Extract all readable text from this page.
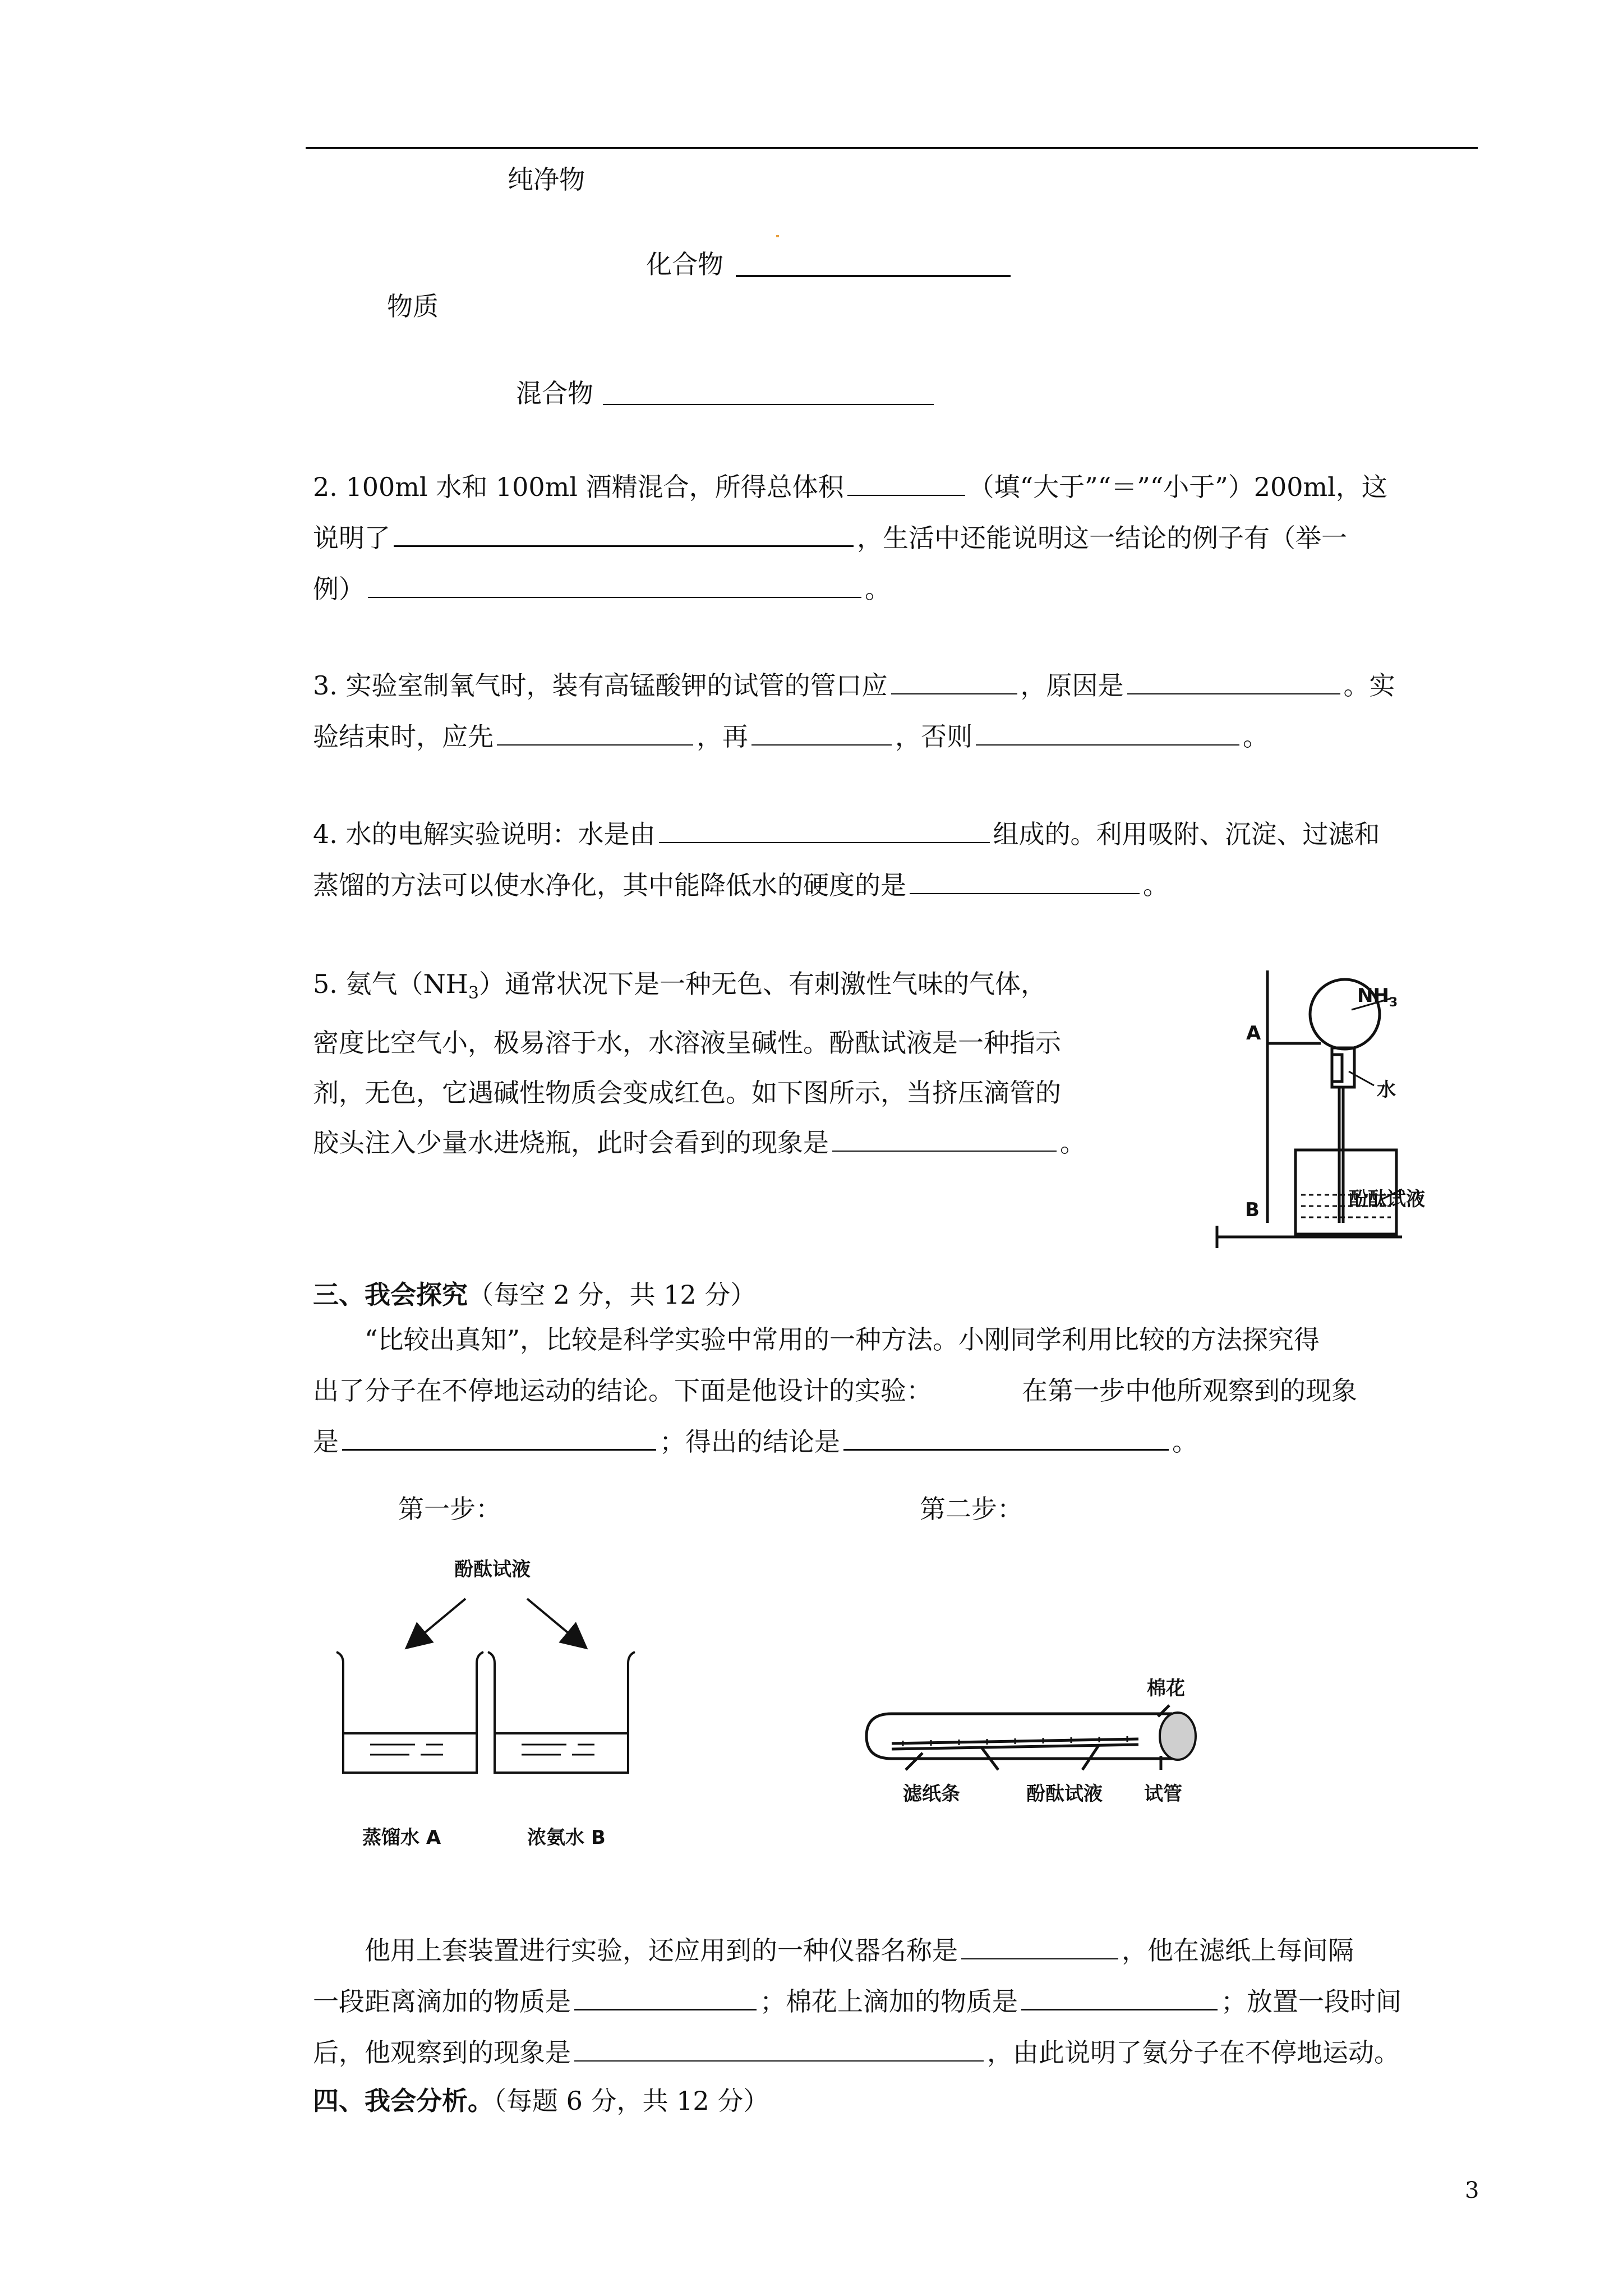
纯净物
化合物
物质
混合物
2. 100ml 水和 100ml 酒精混合，所得总体积	（填“大于”“＝”“小于”）200ml，这
说明了	，生活中还能说明这一结论的例子有（举一
例）	。
3. 实验室制氧气时，装有高锰酸钾的试管的管口应	，原因是	。实
验结束时，应先	，再	，否则	。
4. 水的电解实验说明：水是由	组成的。利用吸附、沉淀、过滤和
蒸馏的方法可以使水净化，其中能降低水的硬度的是	。
5. 氨气$(NH_3)$通常状况下是一种无色、有刺激性气味的气体，
密度比空气小，极易溶于水，水溶液呈碱性。酚酞试液是一种指示
剂，无色，它遇碱性物质会变成红色。如下图所示，当挤压滴管的
胶头注入少量水进烧瓶，此时会看到的现象是	。
$NH_3$
A
水
酚酞试液
B
三、我会探究（每空 2 分，共 12 分）
“比较出真知”，比较是科学实验中常用的一种方法。小刚同学利用比较的方法探究得
出了分子在不停地运动的结论。下面是他设计的实验：	在第一步中他所观察到的现象
是	；得出的结论是	。
第一步：	第二步：
酚酞试液
蒸馏水 A	浓氨水 B
棉花
滤纸条	酚酞试液 试管
他用上套装置进行实验，还应用到的一种仪器名称是	，他在滤纸上每间隔
一段距离滴加的物质是	；棉花上滴加的物质是	；放置一段时间
后，他观察到的现象是	，由此说明了氨分子在不停地运动。
四、我会分析。（每题 6 分，共 12 分）
3
